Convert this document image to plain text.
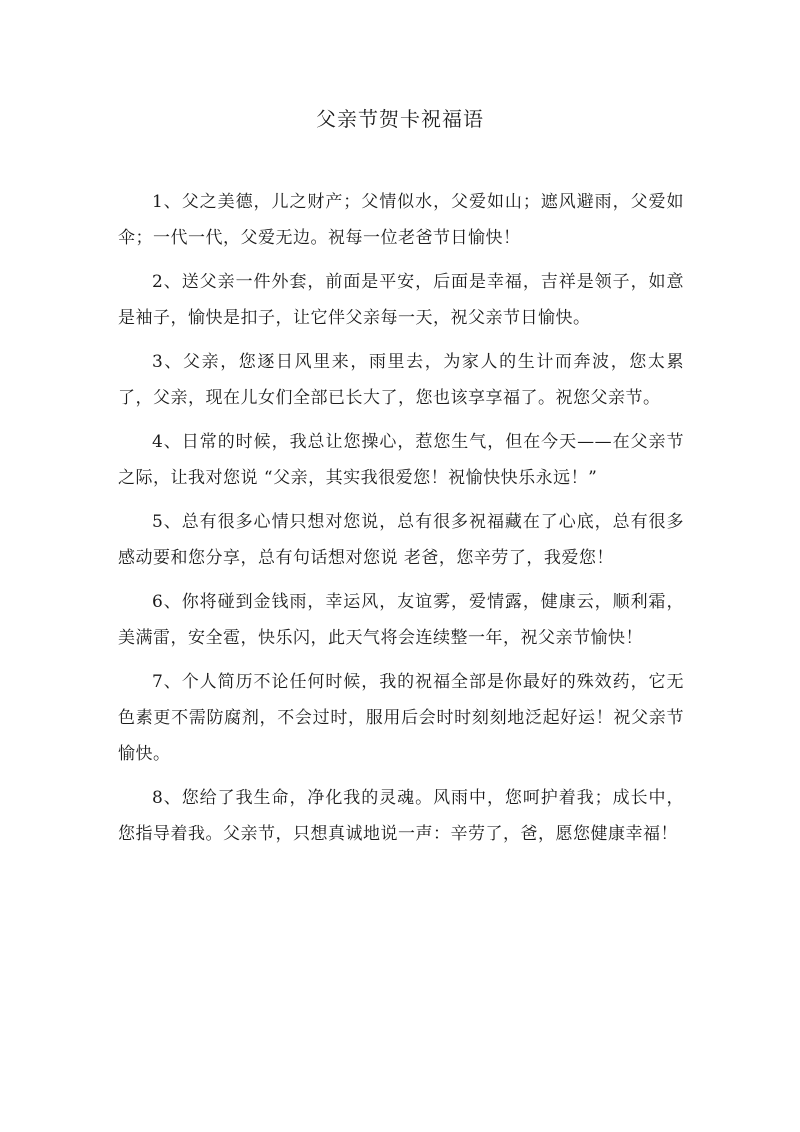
父亲节贺卡祝福语

1、父之美德，儿之财产；父情似水，父爱如山；遮风避雨，父爱如伞；一代一代，父爱无边。祝每一位老爸节日愉快！

2、送父亲一件外套，前面是平安，后面是幸福，吉祥是领子，如意是袖子，愉快是扣子，让它伴父亲每一天，祝父亲节日愉快。

3、父亲，您逐日风里来，雨里去，为家人的生计而奔波，您太累了，父亲，现在儿女们全部已长大了，您也该享享福了。祝您父亲节。

4、日常的时候，我总让您操心，惹您生气，但在今天——在父亲节之际，让我对您说 “父亲，其实我很爱您！祝愉快快乐永远！”

5、总有很多心情只想对您说，总有很多祝福藏在了心底，总有很多感动要和您分享，总有句话想对您说 老爸，您辛劳了，我爱您！

6、你将碰到金钱雨，幸运风，友谊雾，爱情露，健康云，顺利霜，美满雷，安全雹，快乐闪，此天气将会连续整一年，祝父亲节愉快！

7、个人简历不论任何时候，我的祝福全部是你最好的殊效药，它无色素更不需防腐剂，不会过时，服用后会时时刻刻地泛起好运！祝父亲节愉快。

8、您给了我生命，净化我的灵魂。风雨中，您呵护着我；成长中，您指导着我。父亲节，只想真诚地说一声：辛劳了，爸，愿您健康幸福！
